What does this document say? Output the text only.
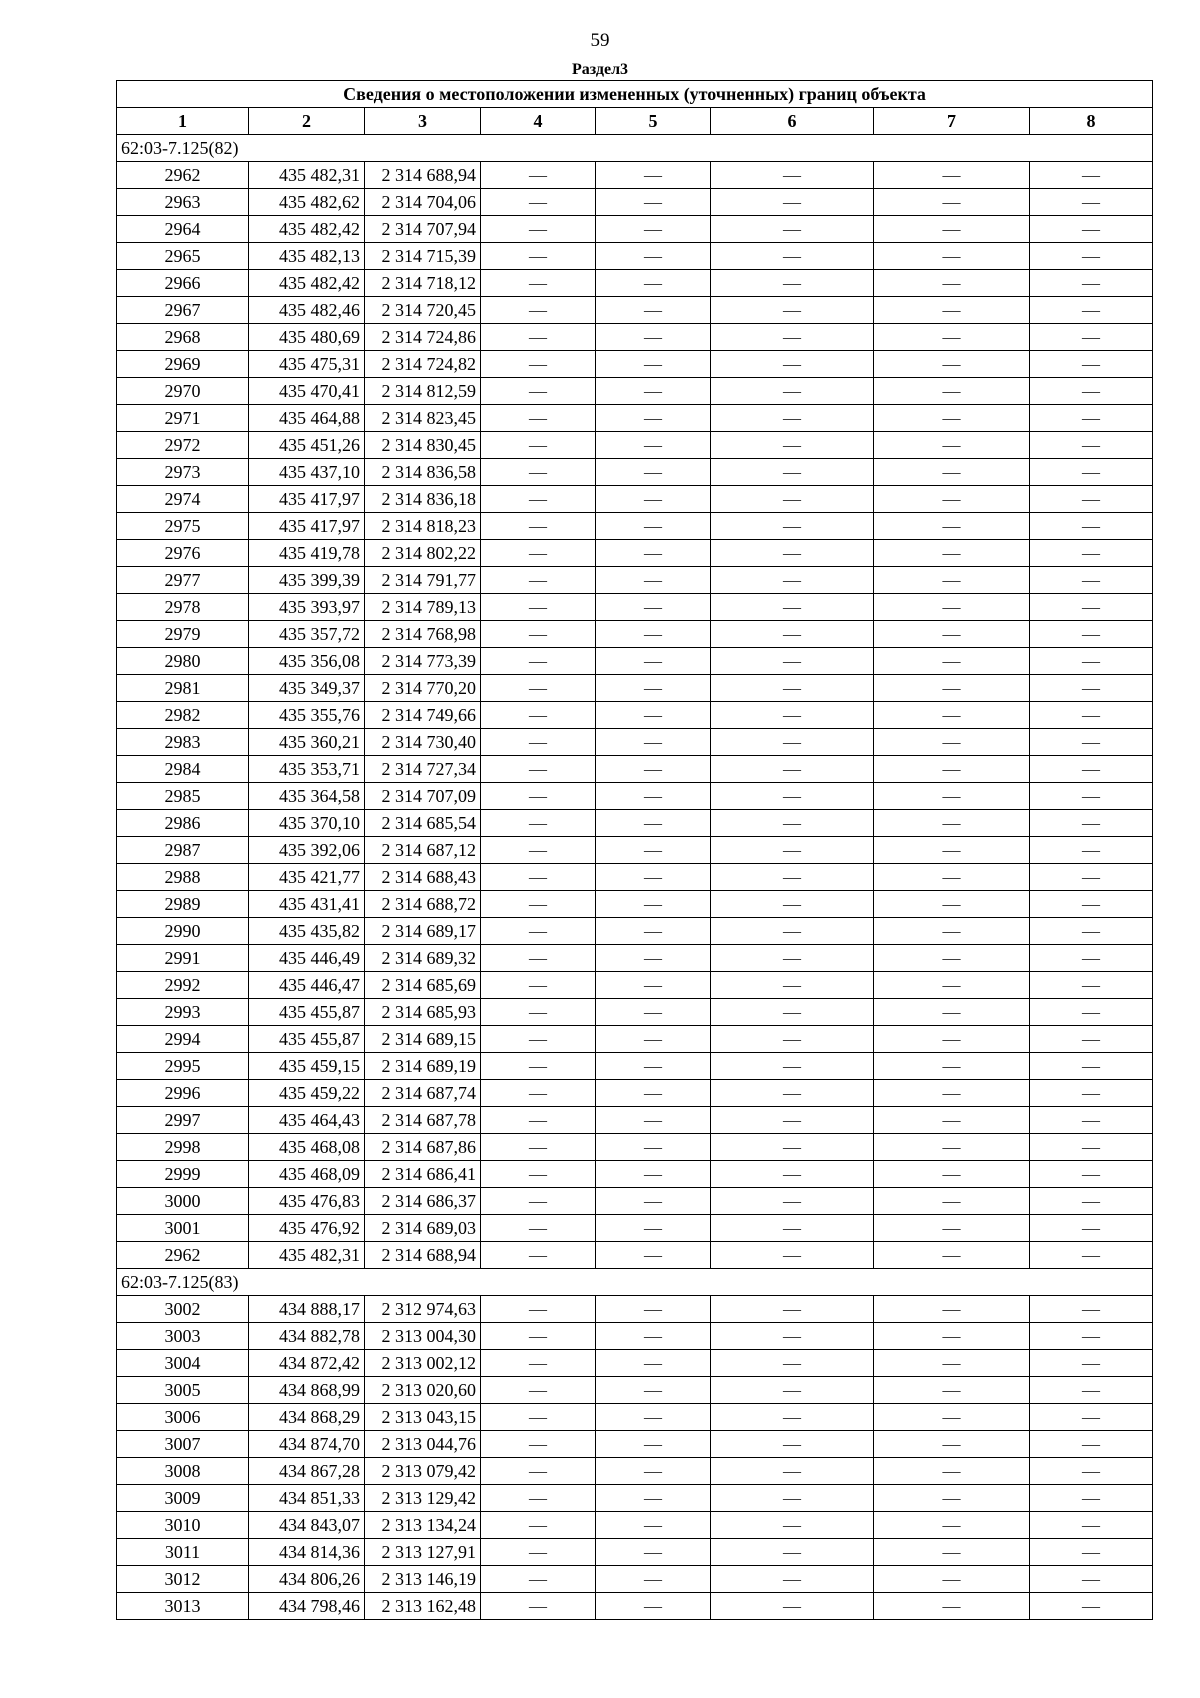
59
Раздел3
Сведения о местоположении измененных (уточненных) границ объекта							
1	2	3	4	5	6	7	8
62:03-7.125(82)							
2962	435 482,31	2 314 688,94	—	—	—	—	—
2963	435 482,62	2 314 704,06	—	—	—	—	—
2964	435 482,42	2 314 707,94	—	—	—	—	—
2965	435 482,13	2 314 715,39	—	—	—	—	—
2966	435 482,42	2 314 718,12	—	—	—	—	—
2967	435 482,46	2 314 720,45	—	—	—	—	—
2968	435 480,69	2 314 724,86	—	—	—	—	—
2969	435 475,31	2 314 724,82	—	—	—	—	—
2970	435 470,41	2 314 812,59	—	—	—	—	—
2971	435 464,88	2 314 823,45	—	—	—	—	—
2972	435 451,26	2 314 830,45	—	—	—	—	—
2973	435 437,10	2 314 836,58	—	—	—	—	—
2974	435 417,97	2 314 836,18	—	—	—	—	—
2975	435 417,97	2 314 818,23	—	—	—	—	—
2976	435 419,78	2 314 802,22	—	—	—	—	—
2977	435 399,39	2 314 791,77	—	—	—	—	—
2978	435 393,97	2 314 789,13	—	—	—	—	—
2979	435 357,72	2 314 768,98	—	—	—	—	—
2980	435 356,08	2 314 773,39	—	—	—	—	—
2981	435 349,37	2 314 770,20	—	—	—	—	—
2982	435 355,76	2 314 749,66	—	—	—	—	—
2983	435 360,21	2 314 730,40	—	—	—	—	—
2984	435 353,71	2 314 727,34	—	—	—	—	—
2985	435 364,58	2 314 707,09	—	—	—	—	—
2986	435 370,10	2 314 685,54	—	—	—	—	—
2987	435 392,06	2 314 687,12	—	—	—	—	—
2988	435 421,77	2 314 688,43	—	—	—	—	—
2989	435 431,41	2 314 688,72	—	—	—	—	—
2990	435 435,82	2 314 689,17	—	—	—	—	—
2991	435 446,49	2 314 689,32	—	—	—	—	—
2992	435 446,47	2 314 685,69	—	—	—	—	—
2993	435 455,87	2 314 685,93	—	—	—	—	—
2994	435 455,87	2 314 689,15	—	—	—	—	—
2995	435 459,15	2 314 689,19	—	—	—	—	—
2996	435 459,22	2 314 687,74	—	—	—	—	—
2997	435 464,43	2 314 687,78	—	—	—	—	—
2998	435 468,08	2 314 687,86	—	—	—	—	—
2999	435 468,09	2 314 686,41	—	—	—	—	—
3000	435 476,83	2 314 686,37	—	—	—	—	—
3001	435 476,92	2 314 689,03	—	—	—	—	—
2962	435 482,31	2 314 688,94	—	—	—	—	—
62:03-7.125(83)							
3002	434 888,17	2 312 974,63	—	—	—	—	—
3003	434 882,78	2 313 004,30	—	—	—	—	—
3004	434 872,42	2 313 002,12	—	—	—	—	—
3005	434 868,99	2 313 020,60	—	—	—	—	—
3006	434 868,29	2 313 043,15	—	—	—	—	—
3007	434 874,70	2 313 044,76	—	—	—	—	—
3008	434 867,28	2 313 079,42	—	—	—	—	—
3009	434 851,33	2 313 129,42	—	—	—	—	—
3010	434 843,07	2 313 134,24	—	—	—	—	—
3011	434 814,36	2 313 127,91	—	—	—	—	—
3012	434 806,26	2 313 146,19	—	—	—	—	—
3013	434 798,46	2 313 162,48	—	—	—	—	—
